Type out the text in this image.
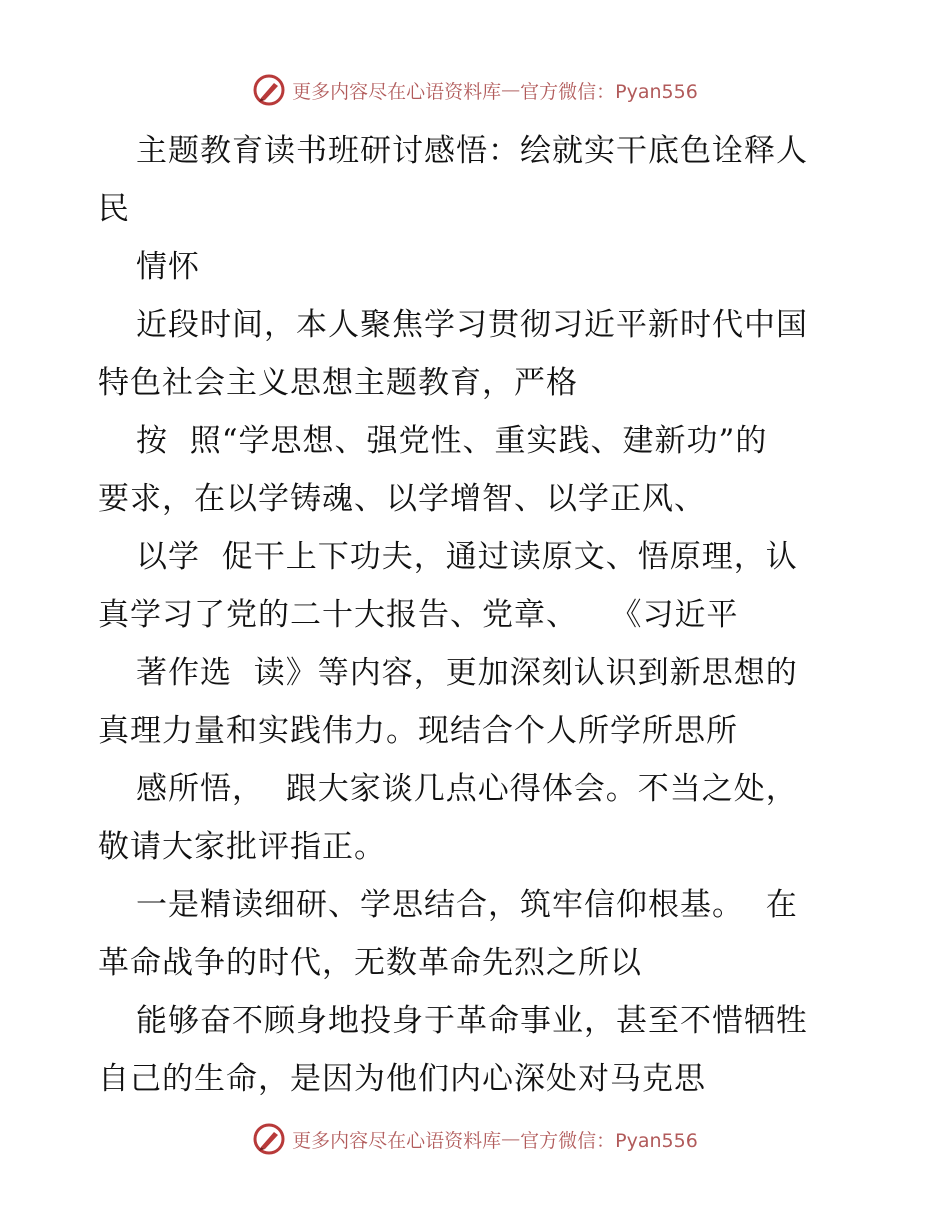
更多内容尽在心语资料库 — 官方微信：Pyan556
主题教育读书班研讨感悟：绘就实干底色诠释人
民
情怀
近段时间，本人聚焦学习贯彻习近平新时代中国
特色社会主义思想主题教育，严格
按  照“学思想、强党性、重实践、建新功”的
要求，在以学铸魂、以学增智、以学正风、
以学  促干上下功夫，通过读原文、悟原理，认
真学习了党的二十大报告、党章、   《习近平
著作选  读》等内容，更加深刻认识到新思想的
真理力量和实践伟力。现结合个人所学所思所
感所悟，  跟大家谈几点心得体会。不当之处，
敬请大家批评指正。
一是精读细研、学思结合，筑牢信仰根基。  在
革命战争的时代，无数革命先烈之所以
能够奋不顾身地投身于革命事业，甚至不惜牺牲
自己的生命，是因为他们内心深处对马克思
更多内容尽在心语资料库 — 官方微信：Pyan556
